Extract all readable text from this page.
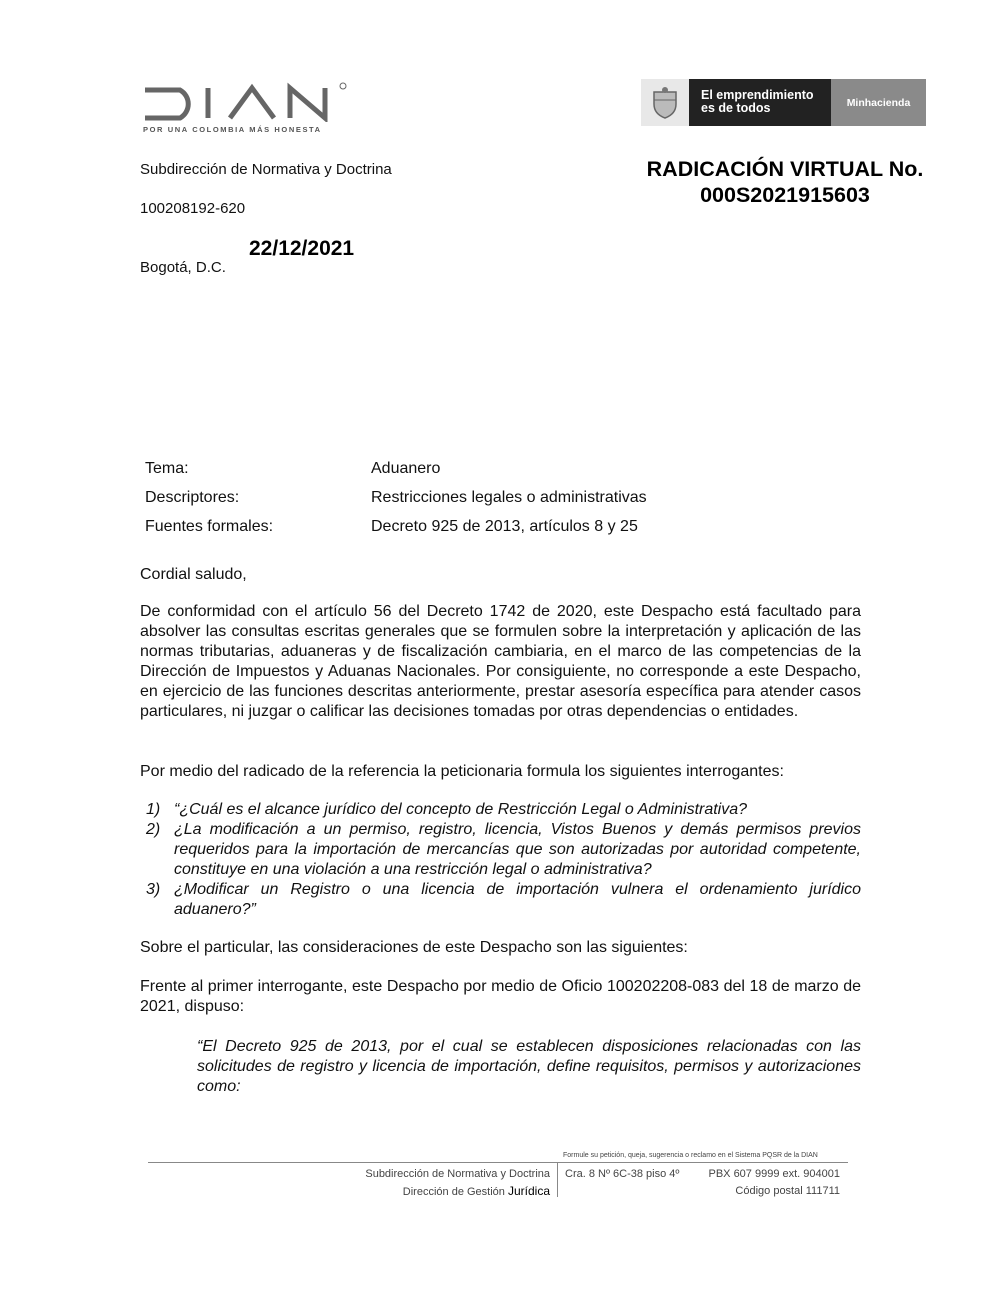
POR UNA COLOMBIA MÁS HONESTA
El emprendimiento
es de todos	Minhacienda
Subdirección de Normativa y Doctrina
100208192-620
RADICACIÓN VIRTUAL No.
000S2021915603
22/12/2021
Bogotá, D.C.
Tema:	Aduanero
Descriptores:	Restricciones legales o administrativas
Fuentes formales:	Decreto 925 de 2013, artículos 8 y 25
Cordial saludo,
De conformidad con el artículo 56 del Decreto 1742 de 2020, este Despacho está facultado para absolver las consultas escritas generales que se formulen sobre la interpretación y aplicación de las normas tributarias, aduaneras y de fiscalización cambiaria, en el marco de las competencias de la Dirección de Impuestos y Aduanas Nacionales. Por consiguiente, no corresponde a este Despacho, en ejercicio de las funciones descritas anteriormente, prestar asesoría específica para atender casos particulares, ni juzgar o calificar las decisiones tomadas por otras dependencias o entidades.
Por medio del radicado de la referencia la peticionaria formula los siguientes interrogantes:
1) “¿Cuál es el alcance jurídico del concepto de Restricción Legal o Administrativa?
2) ¿La modificación a un permiso, registro, licencia, Vistos Buenos y demás permisos previos requeridos para la importación de mercancías que son autorizadas por autoridad competente, constituye en una violación a una restricción legal o administrativa?
3) ¿Modificar un Registro o una licencia de importación vulnera el ordenamiento jurídico aduanero?”
Sobre el particular, las consideraciones de este Despacho son las siguientes:
Frente al primer interrogante, este Despacho por medio de Oficio 100202208-083 del 18 de marzo de 2021, dispuso:
“El Decreto 925 de 2013, por el cual se establecen disposiciones relacionadas con las solicitudes de registro y licencia de importación, define requisitos, permisos y autorizaciones como:
Formule su petición, queja, sugerencia o reclamo en el Sistema PQSR de la DIAN
Subdirección de Normativa y Doctrina
Dirección de Gestión Jurídica
Cra. 8 Nº 6C-38 piso 4º	PBX 607 9999 ext. 904001
Código postal 111711
